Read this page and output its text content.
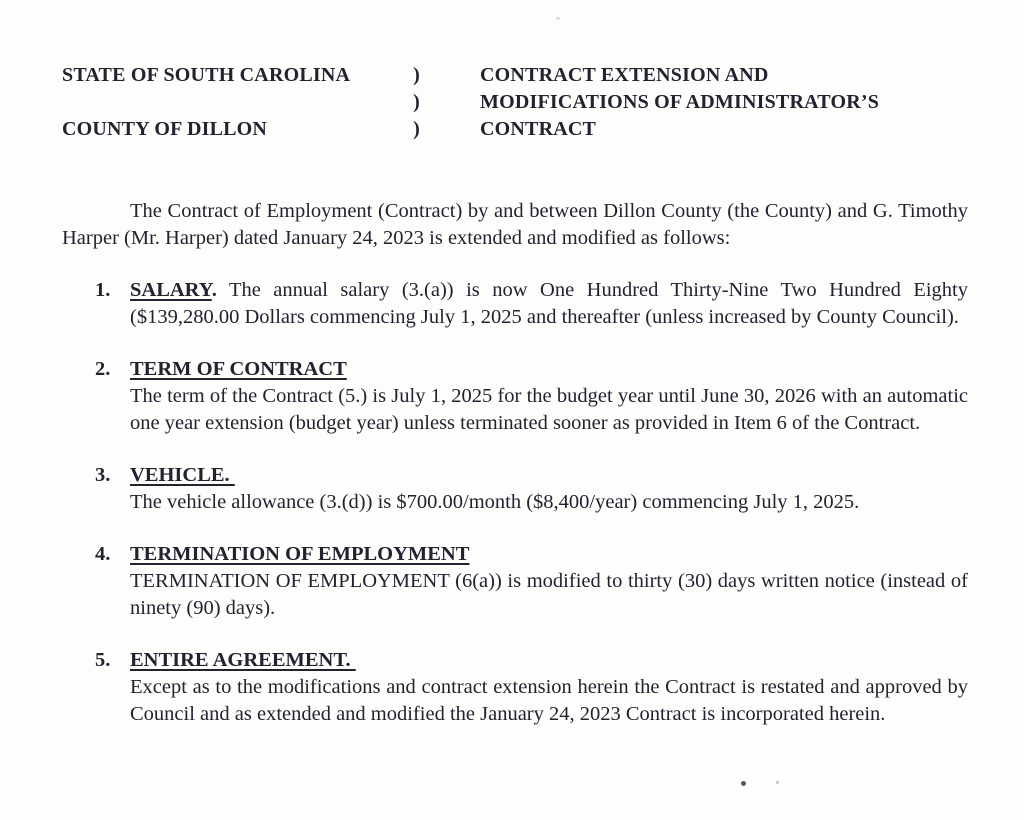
STATE OF SOUTH CAROLINA	)
)
COUNTY OF DILLON	)
CONTRACT EXTENSION AND
MODIFICATIONS OF ADMINISTRATOR’S
CONTRACT

The Contract of Employment (Contract) by and between Dillon County (the County) and G. Timothy Harper (Mr. Harper) dated January 24, 2023 is extended and modified as follows:

1. SALARY. The annual salary (3.(a)) is now One Hundred Thirty-Nine Two Hundred Eighty ($139,280.00 Dollars commencing July 1, 2025 and thereafter (unless increased by County Council).

2. TERM OF CONTRACT

The term of the Contract (5.) is July 1, 2025 for the budget year until June 30, 2026 with an automatic one year extension (budget year) unless terminated sooner as provided in Item 6 of the Contract.

3. VEHICLE.

The vehicle allowance (3.(d)) is $700.00/month ($8,400/year) commencing July 1, 2025.

4. TERMINATION OF EMPLOYMENT

TERMINATION OF EMPLOYMENT (6(a)) is modified to thirty (30) days written notice (instead of ninety (90) days).

5. ENTIRE AGREEMENT.

Except as to the modifications and contract extension herein the Contract is restated and approved by Council and as extended and modified the January 24, 2023 Contract is incorporated herein.
